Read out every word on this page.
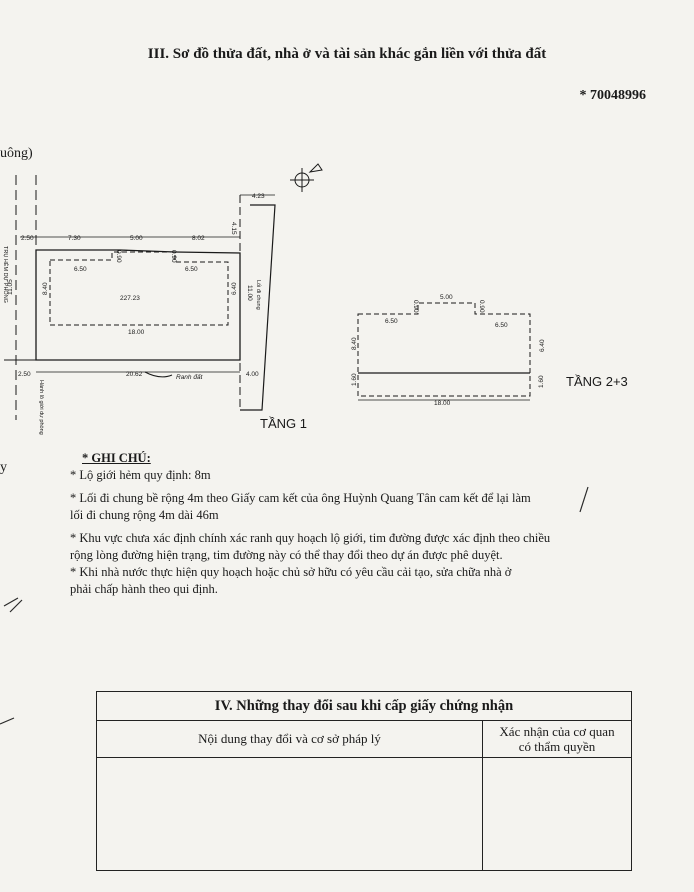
III. Sơ đồ thửa đất, nhà ở và tài sản khác gắn liền với thửa đất
* 70048996
uông)
y
2.50	7.30	5.00	8.02
4.23
4.15
0.90	0.90
6.50	6.50
227.23
11.05	8.40	6.40 11.00
18.00
20.62	4.00
2.50	Ranh đất
TRỤ HẺM DỰ PHÒNG
Hành lô giới dự phòng
Lối đi chung
TẦNG 1
5.00
0.90	0.90
6.50
6.50
8.40	6.40
1.60	1.60
18.00
TẦNG 2+3

* GHI CHÚ:

* Lộ giới hẻm quy định: 8m

* Lối đi chung bề rộng 4m theo Giấy cam kết của ông Huỳnh Quang Tân cam kết để lại làm

lối đi chung rộng 4m dài 46m

* Khu vực chưa xác định chính xác ranh quy hoạch lộ giới, tim đường được xác định theo chiều

rộng lòng đường hiện trạng, tim đường này có thể thay đổi theo dự án được phê duyệt.

* Khi nhà nước thực hiện quy hoạch hoặc chủ sở hữu có yêu cầu cải tạo, sửa chữa nhà ở

phải chấp hành theo qui định.

IV. Những thay đổi sau khi cấp giấy chứng nhận
Nội dung thay đổi và cơ sở pháp lý	Xác nhận của cơ quan
có thẩm quyền
